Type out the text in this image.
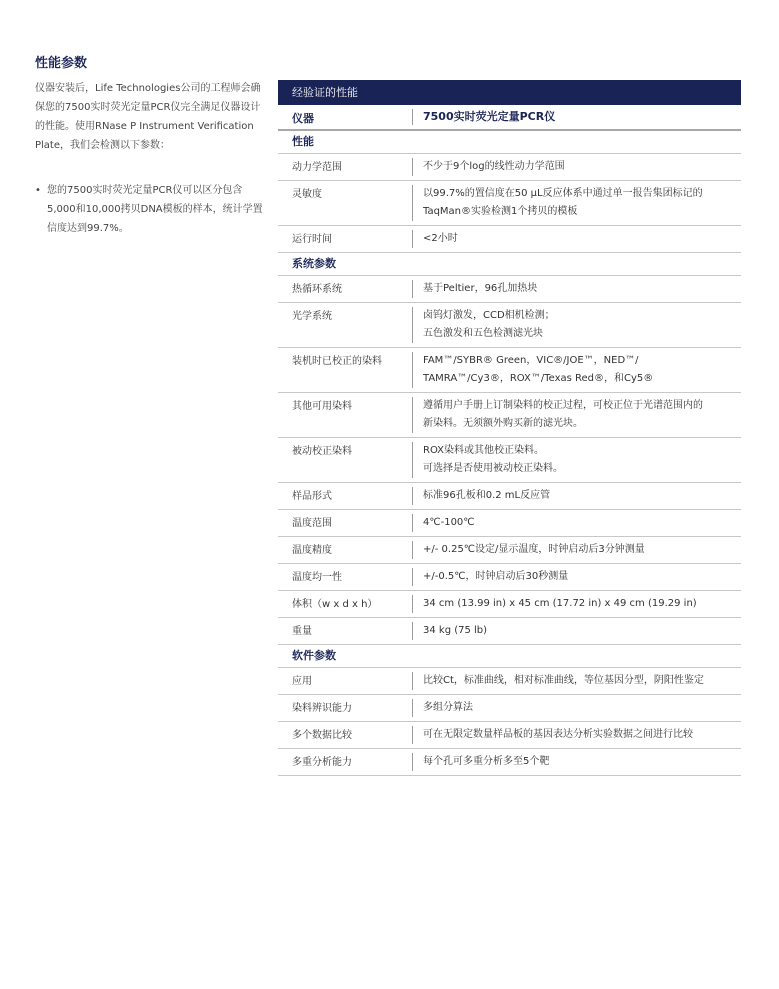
性能参数

仪器安装后，Life Technologies公司的工程师会确保您的7500实时荧光定量PCR仪完全满足仪器设计的性能。使用RNase P Instrument Verification Plate，我们会检测以下参数：

• 您的7500实时荧光定量PCR仪可以区分包含5,000和10,000拷贝DNA模板的样本，统计学置信度达到99.7%。
经验证的性能
仪器	7500实时荧光定量PCR仪
性能
动力学范围	不少于9个log的线性动力学范围
灵敏度	以99.7%的置信度在50 μL反应体系中通过单一报告集团标记的
TaqMan®实验检测1个拷贝的模板
运行时间	<2小时
系统参数
热循环系统	基于Peltier，96孔加热块
光学系统	卤钨灯激发，CCD相机检测；
五色激发和五色检测滤光块
装机时已校正的染料	FAM™/SYBR® Green，VIC®/JOE™，NED™/
TAMRA™/Cy3®，ROX™/Texas Red®，和Cy5®
其他可用染料	遵循用户手册上订制染料的校正过程，可校正位于光谱范围内的
新染料。无须额外购买新的滤光块。
被动校正染料	ROX染料或其他校正染料。
可选择是否使用被动校正染料。
样品形式	标准96孔板和0.2 mL反应管
温度范围	4℃-100℃
温度精度	+/- 0.25℃设定/显示温度，时钟启动后3分钟测量
温度均一性	+/-0.5℃，时钟启动后30秒测量
体积（w x d x h）	34 cm (13.99 in) x 45 cm (17.72 in) x 49 cm (19.29 in)
重量	34 kg (75 lb)
软件参数
应用	比较Ct，标准曲线，相对标准曲线，等位基因分型，阴阳性鉴定
染料辨识能力	多组分算法
多个数据比较	可在无限定数量样品板的基因表达分析实验数据之间进行比较
多重分析能力	每个孔可多重分析多至5个靶
